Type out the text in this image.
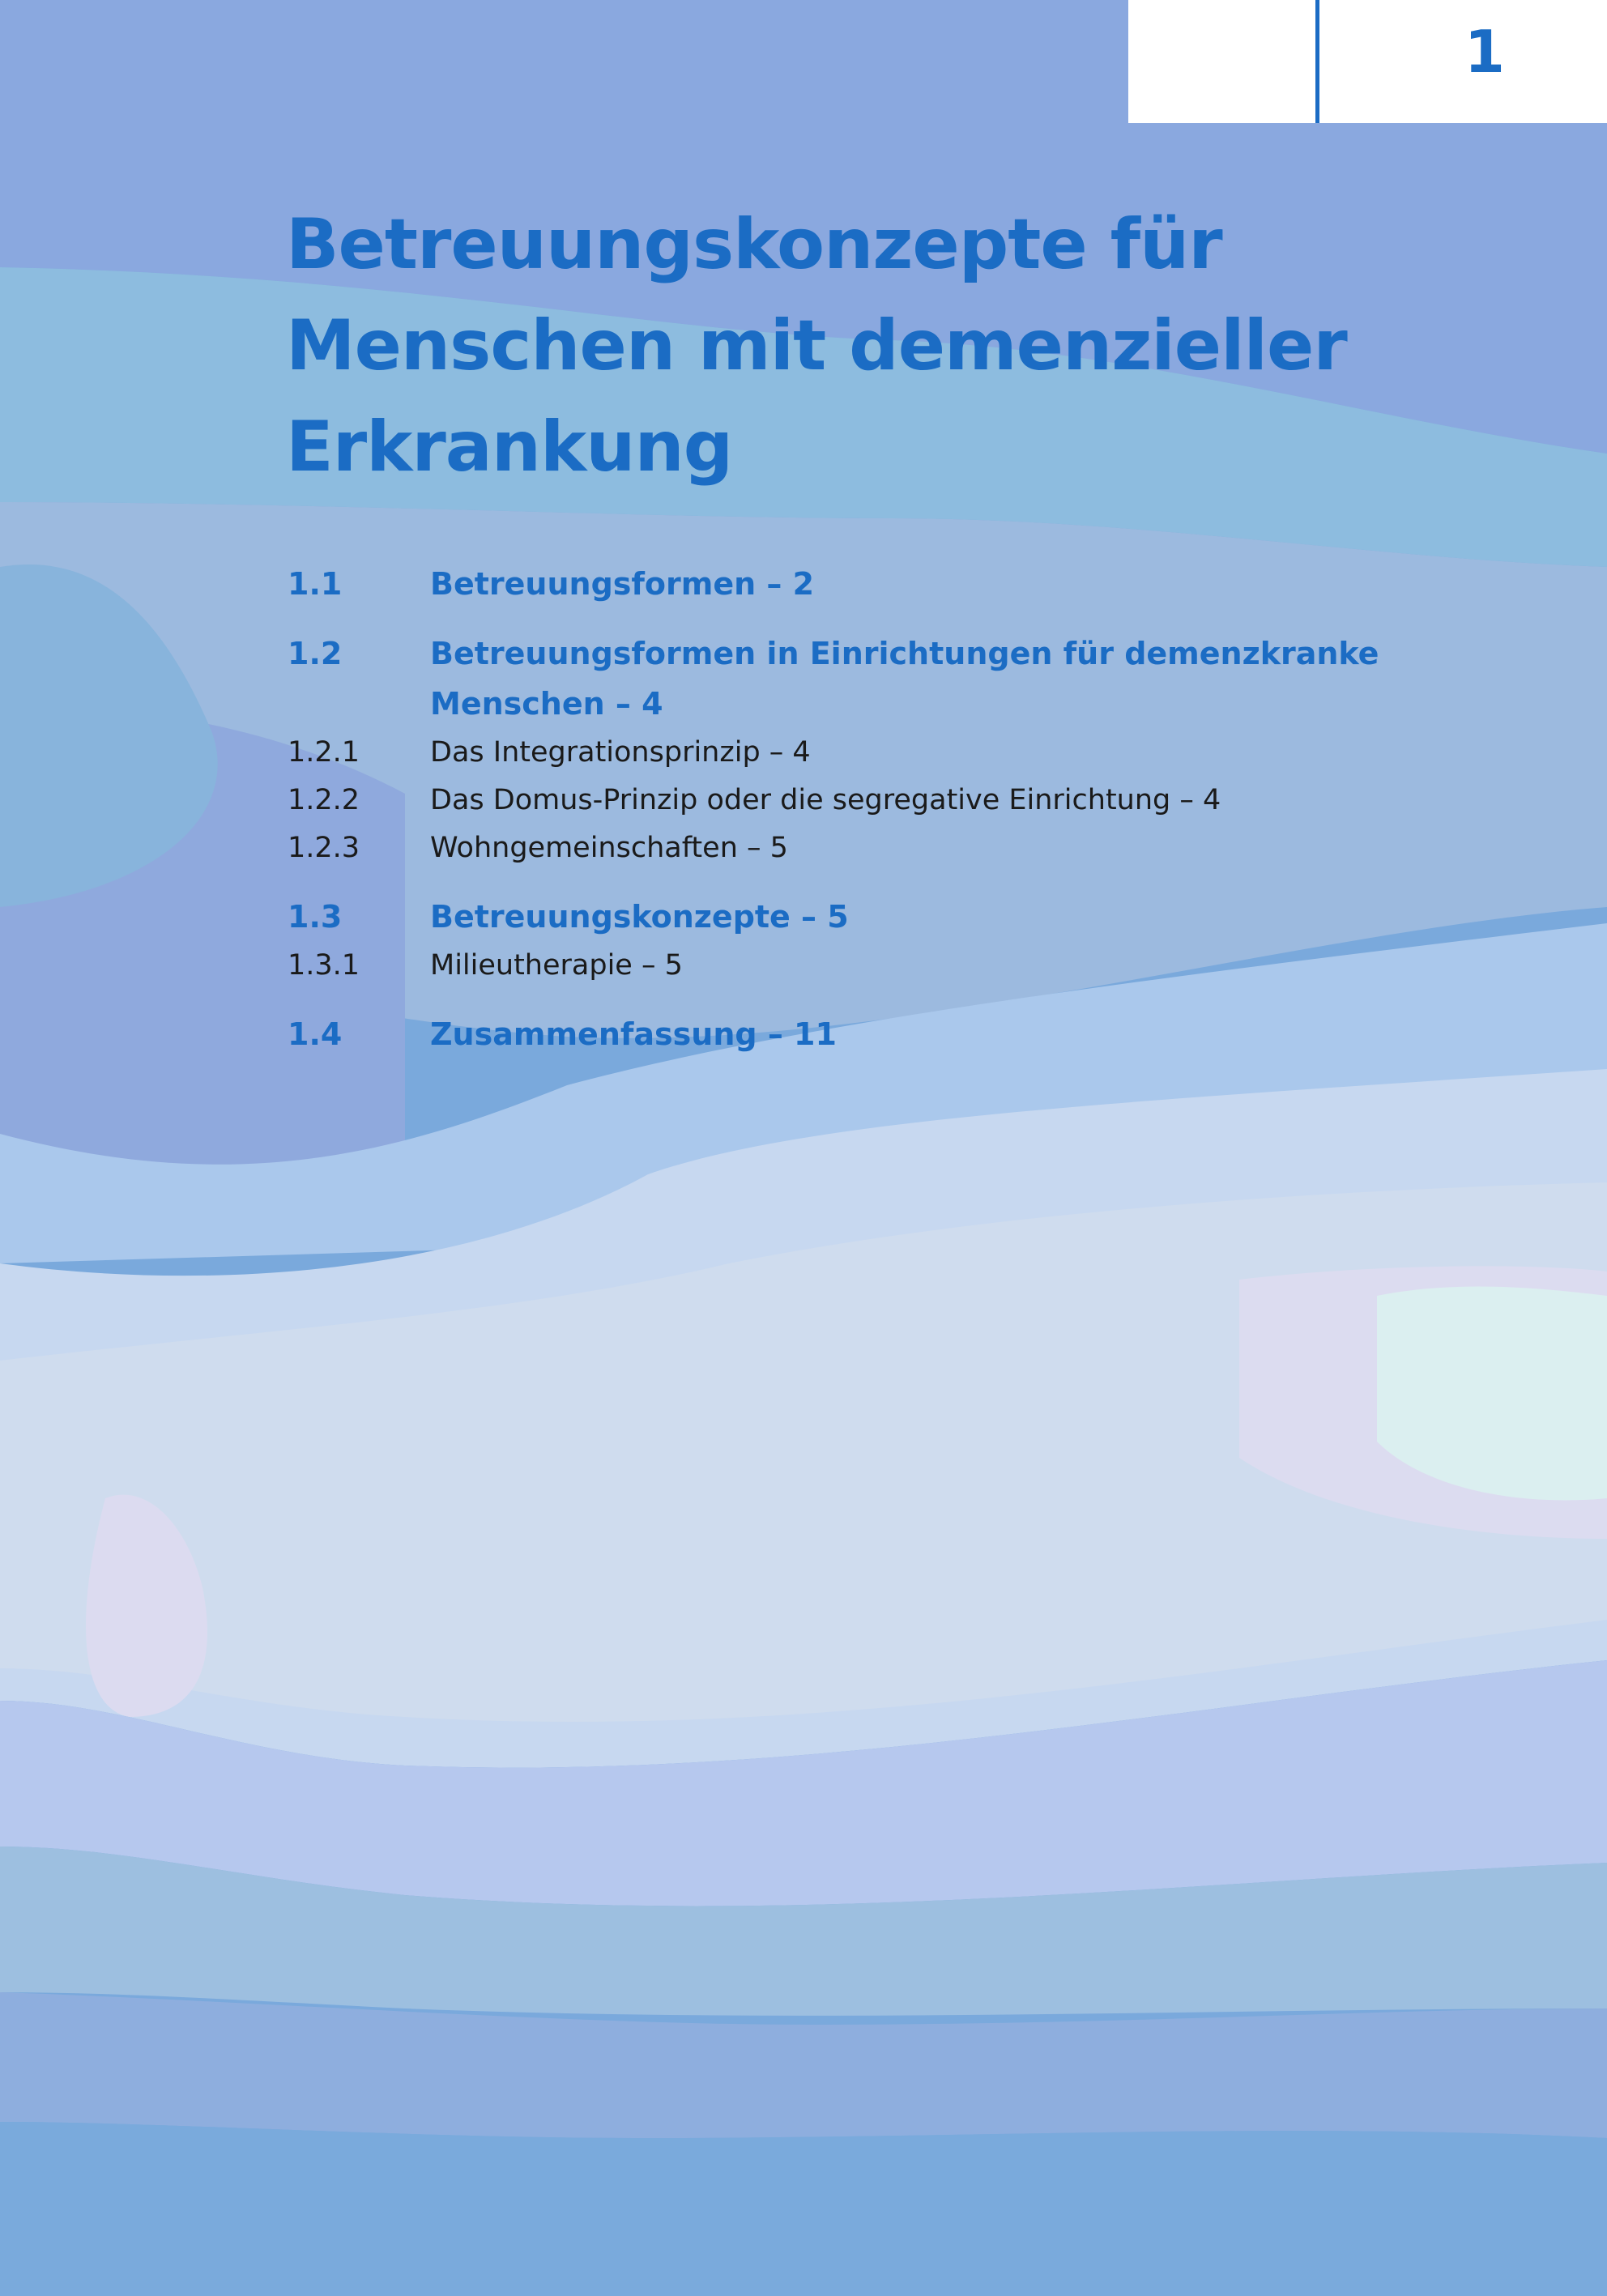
1
Betreuungskonzepte für
Menschen mit demenzieller
Erkrankung
1.1	Betreuungsformen – 2
1.2	Betreuungsformen in Einrichtungen für demenzkranke
Menschen – 4
1.2.1 Das Integrationsprinzip – 4
1.2.2 Das Domus-Prinzip oder die segregative Einrichtung – 4
1.2.3 Wohngemeinschaften – 5
1.3	Betreuungskonzepte – 5
1.3.1 Milieutherapie – 5
1.4	Zusammenfassung – 11
